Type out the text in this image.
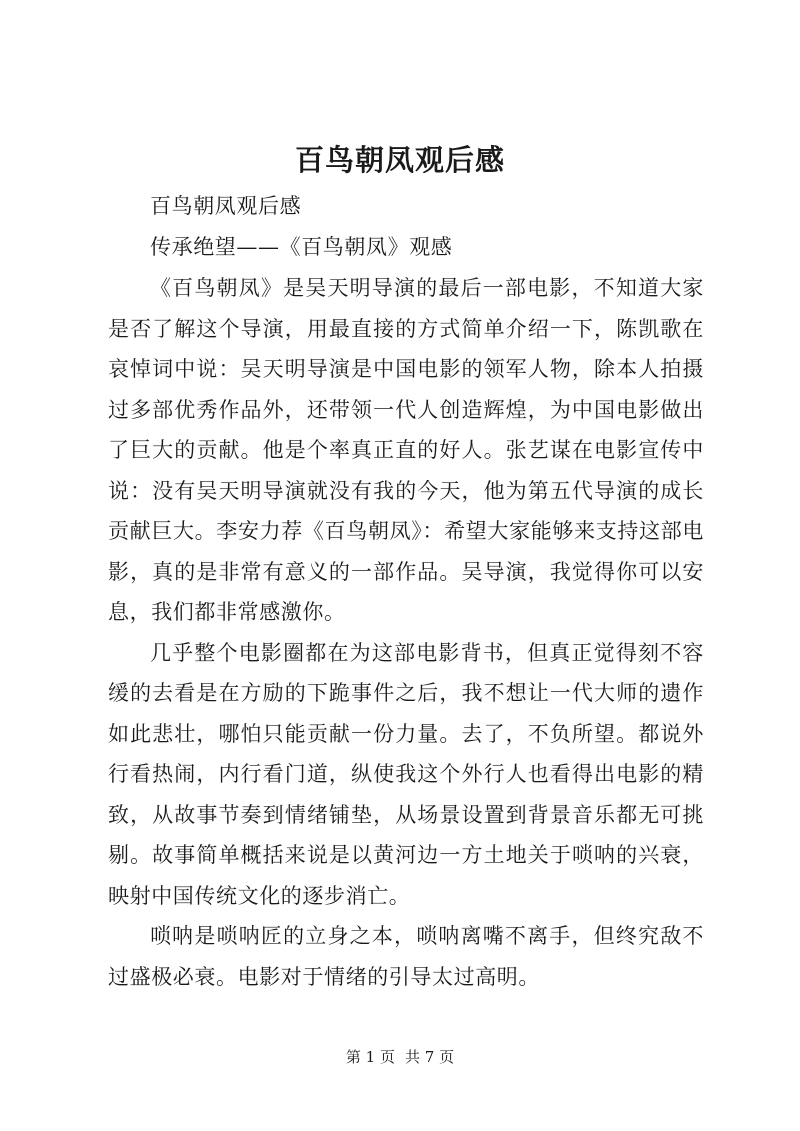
百鸟朝凤观后感

百鸟朝凤观后感

传承绝望——《百鸟朝凤》观感

《百鸟朝凤》是吴天明导演的最后一部电影，不知道大家是否了解这个导演，用最直接的方式简单介绍一下，陈凯歌在哀悼词中说：吴天明导演是中国电影的领军人物，除本人拍摄过多部优秀作品外，还带领一代人创造辉煌，为中国电影做出了巨大的贡献。他是个率真正直的好人。张艺谋在电影宣传中说：没有吴天明导演就没有我的今天，他为第五代导演的成长贡献巨大。李安力荐《百鸟朝凤》：希望大家能够来支持这部电影，真的是非常有意义的一部作品。吴导演，我觉得你可以安息，我们都非常感激你。

几乎整个电影圈都在为这部电影背书，但真正觉得刻不容缓的去看是在方励的下跪事件之后，我不想让一代大师的遗作如此悲壮，哪怕只能贡献一份力量。去了，不负所望。都说外行看热闹，内行看门道，纵使我这个外行人也看得出电影的精致，从故事节奏到情绪铺垫，从场景设置到背景音乐都无可挑剔。故事简单概括来说是以黄河边一方土地关于唢呐的兴衰，映射中国传统文化的逐步消亡。

唢呐是唢呐匠的立身之本，唢呐离嘴不离手，但终究敌不过盛极必衰。电影对于情绪的引导太过高明。

第 1 页 共 7 页
